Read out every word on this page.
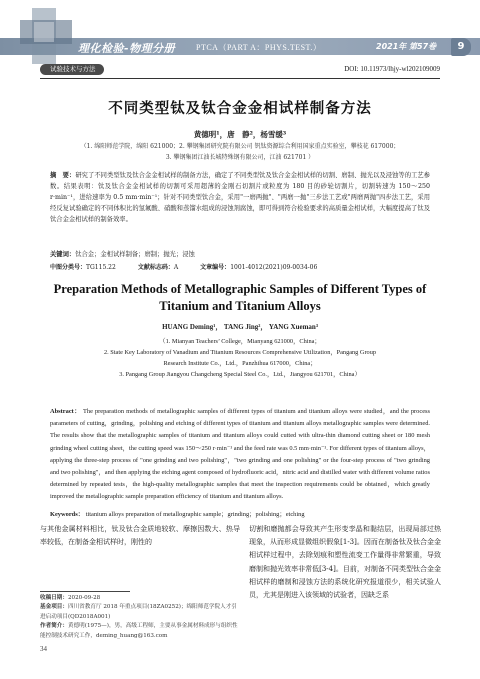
理化检验-物理分册	PTCA（PART A：PHYS.TEST.）	2021年 第57卷	9
试验技术与方法	DOI: 10.11973/lhjy-wl202109009
不同类型钛及钛合金金相试样制备方法
黄德明¹，唐　静²，杨雪缓³
（1. 绵阳师范学院，绵阳 621000；2. 攀钢集团研究院有限公司 钒钛资源综合利用国家重点实验室，攀枝花 617000；
3. 攀钢集团江油长城特殊钢有限公司，江油 621701 ）
摘　要：研究了不同类型钛及钛合金金相试样的制备方法，确定了不同类型钛及钛合金金相试样的切割、磨制、抛光以及浸蚀等的工艺参数。结果表明：钛及钛合金金相试样的切割可采用超薄的金刚石切割片或粒度为 180 目的砂轮切割片，切割转速为 150～250 r·min⁻¹，进给速率为 0.5 mm·min⁻¹；针对不同类型钛合金，采用"一磨两抛"、"两磨一抛"三步法工艺或"两磨两抛"四步法工艺，采用经反复试验确定的不同体积比的氢氟酸、硝酸和蒸馏水组成的浸蚀剂腐蚀，即可得到符合检验要求的高质量金相试样，大幅度提高了钛及钛合金金相试样的制备效率。
关键词：钛合金；金相试样制备；磨制；抛光；浸蚀
中图分类号：TG115.22	文献标志码：A	文章编号：1001-4012(2021)09-0034-06
Preparation Methods of Metallographic Samples of Different Types of Titanium and Titanium Alloys
HUANG Deming¹， TANG Jing²， YANG Xueman³
（1. Mianyan Teachers’ College，Mianyang 621000，China；
2. State Key Laboratory of Vanadium and Titanium Resources Comprehensive Utilization，Pangang Group
Research Institute Co.，Ltd.，Panzhihua 617000，China；
3. Pangang Group Jiangyou Changcheng Special Steel Co.，Ltd.，Jiangyou 621701，China）
Abstract： The preparation methods of metallographic samples of different types of titanium and titanium alloys were studied，and the process parameters of cutting，grinding，polishing and etching of different types of titanium and titanium alloys metallographic samples were determined. The results show that the metallographic samples of titanium and titanium alloys could cutted with ultra-thin diamond cutting sheet or 180 mesh grinding wheel cutting sheet，the cutting speed was 150～250 r·min⁻¹ and the feed rate was 0.5 mm·min⁻¹. For different types of titanium alloys，applying the three-step process of "one grinding and two polishing"，"two grinding and one polishing" or the four-step process of "two grinding and two polishing"，and then applying the etching agent composed of hydrofluoric acid，nitric acid and distilled water with different volume ratios determined by repeated tests，the high-quality metallographic samples that meet the inspection requirements could be obtained，which greatly improved the metallographic sample preparation efficiency of titanium and titanium alloys.
Keywords： titanium alloys preparation of metallographic sample；grinding；polishing；etching
与其他金属材料相比，钛及钛合金质地较软、摩擦因数大、热导率较低，在制备金相试样时，刚性的
切割和磨抛都会导致其产生形变孪晶和黏结层，出现局部过热现象，从而形成显微组织假象[1-3]。因而在制备钛及钛合金金相试样过程中，去除划痕和塑性流变工作量得非常繁重，导致磨制和抛光效率非常低[3-4]。目前，对制备不同类型钛合金金相试样的磨制和浸蚀方法的系统化研究报道很少，相关试验人员，尤其是刚进入该领域的试验者，因缺乏系
收稿日期：2020-09-28
基金项目：四川省教育厅 2018 年重点项目(18ZA0252)；绵阳师范学院人才引进启动项目(QD2018A001)
作者简介：黄德明(1975—)，男，高级工程师，主要从事金属材料成形与组织性能控制技术研究工作，deming_huang@163.com
34
